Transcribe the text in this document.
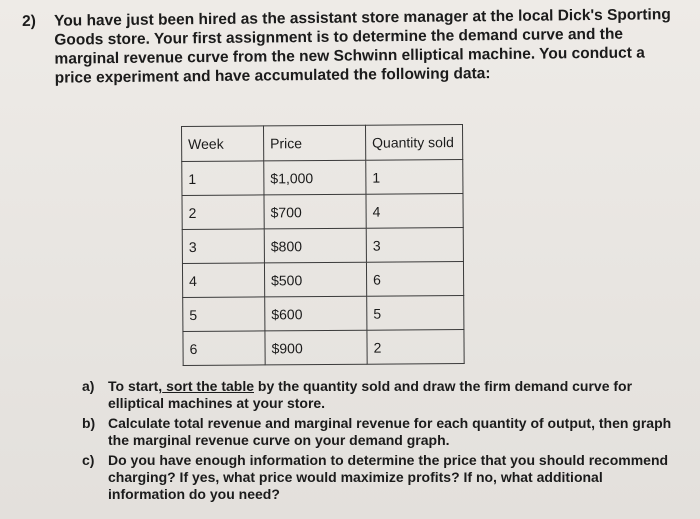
2) You have just been hired as the assistant store manager at the local Dick's Sporting Goods store. Your first assignment is to determine the demand curve and the marginal revenue curve from the new Schwinn elliptical machine. You conduct a price experiment and have accumulated the following data:
Week	Price	Quantity sold
1	$1,000	1
2	$700	4
3	$800	3
4	$500	6
5	$600	5
6	$900	2
a) To start, sort the table by the quantity sold and draw the firm demand curve for elliptical machines at your store.
b) Calculate total revenue and marginal revenue for each quantity of output, then graph the marginal revenue curve on your demand graph.
c) Do you have enough information to determine the price that you should recommend charging? If yes, what price would maximize profits? If no, what additional information do you need?
